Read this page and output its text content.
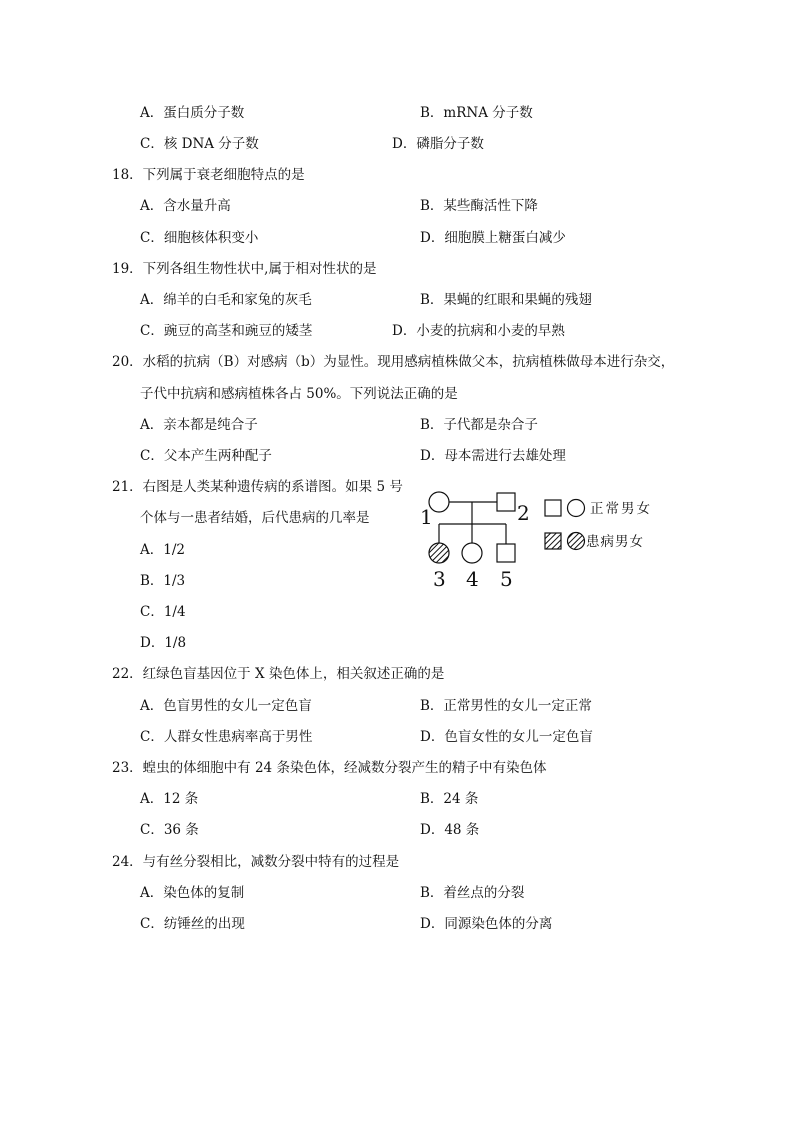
A．蛋白质分子数	B．mRNA 分子数
C．核 DNA 分子数	D．磷脂分子数
18．下列属于衰老细胞特点的是
A．含水量升高	B．某些酶活性下降
C．细胞核体积变小	D．细胞膜上糖蛋白减少
19．下列各组生物性状中,属于相对性状的是
A．绵羊的白毛和家兔的灰毛	B．果蝇的红眼和果蝇的残翅
C．豌豆的高茎和豌豆的矮茎	D．小麦的抗病和小麦的早熟
20．水稻的抗病（B）对感病（b）为显性。现用感病植株做父本，抗病植株做母本进行杂交，
子代中抗病和感病植株各占 50%。下列说法正确的是
A．亲本都是纯合子	B．子代都是杂合子
C．父本产生两种配子	D．母本需进行去雄处理
21．右图是人类某种遗传病的系谱图。如果 5 号
个体与一患者结婚，后代患病的几率是
A．1/2
B．1/3
C．1/4
D．1/8
1	2
3 4 5
正常男女
患病男女
22．红绿色盲基因位于 X 染色体上，相关叙述正确的是
A．色盲男性的女儿一定色盲	B．正常男性的女儿一定正常
C．人群女性患病率高于男性	D．色盲女性的女儿一定色盲
23．蝗虫的体细胞中有 24 条染色体，经减数分裂产生的精子中有染色体
A．12 条	B．24 条
C．36 条	D．48 条
24．与有丝分裂相比，减数分裂中特有的过程是
A．染色体的复制	B．着丝点的分裂
C．纺锤丝的出现	D．同源染色体的分离
